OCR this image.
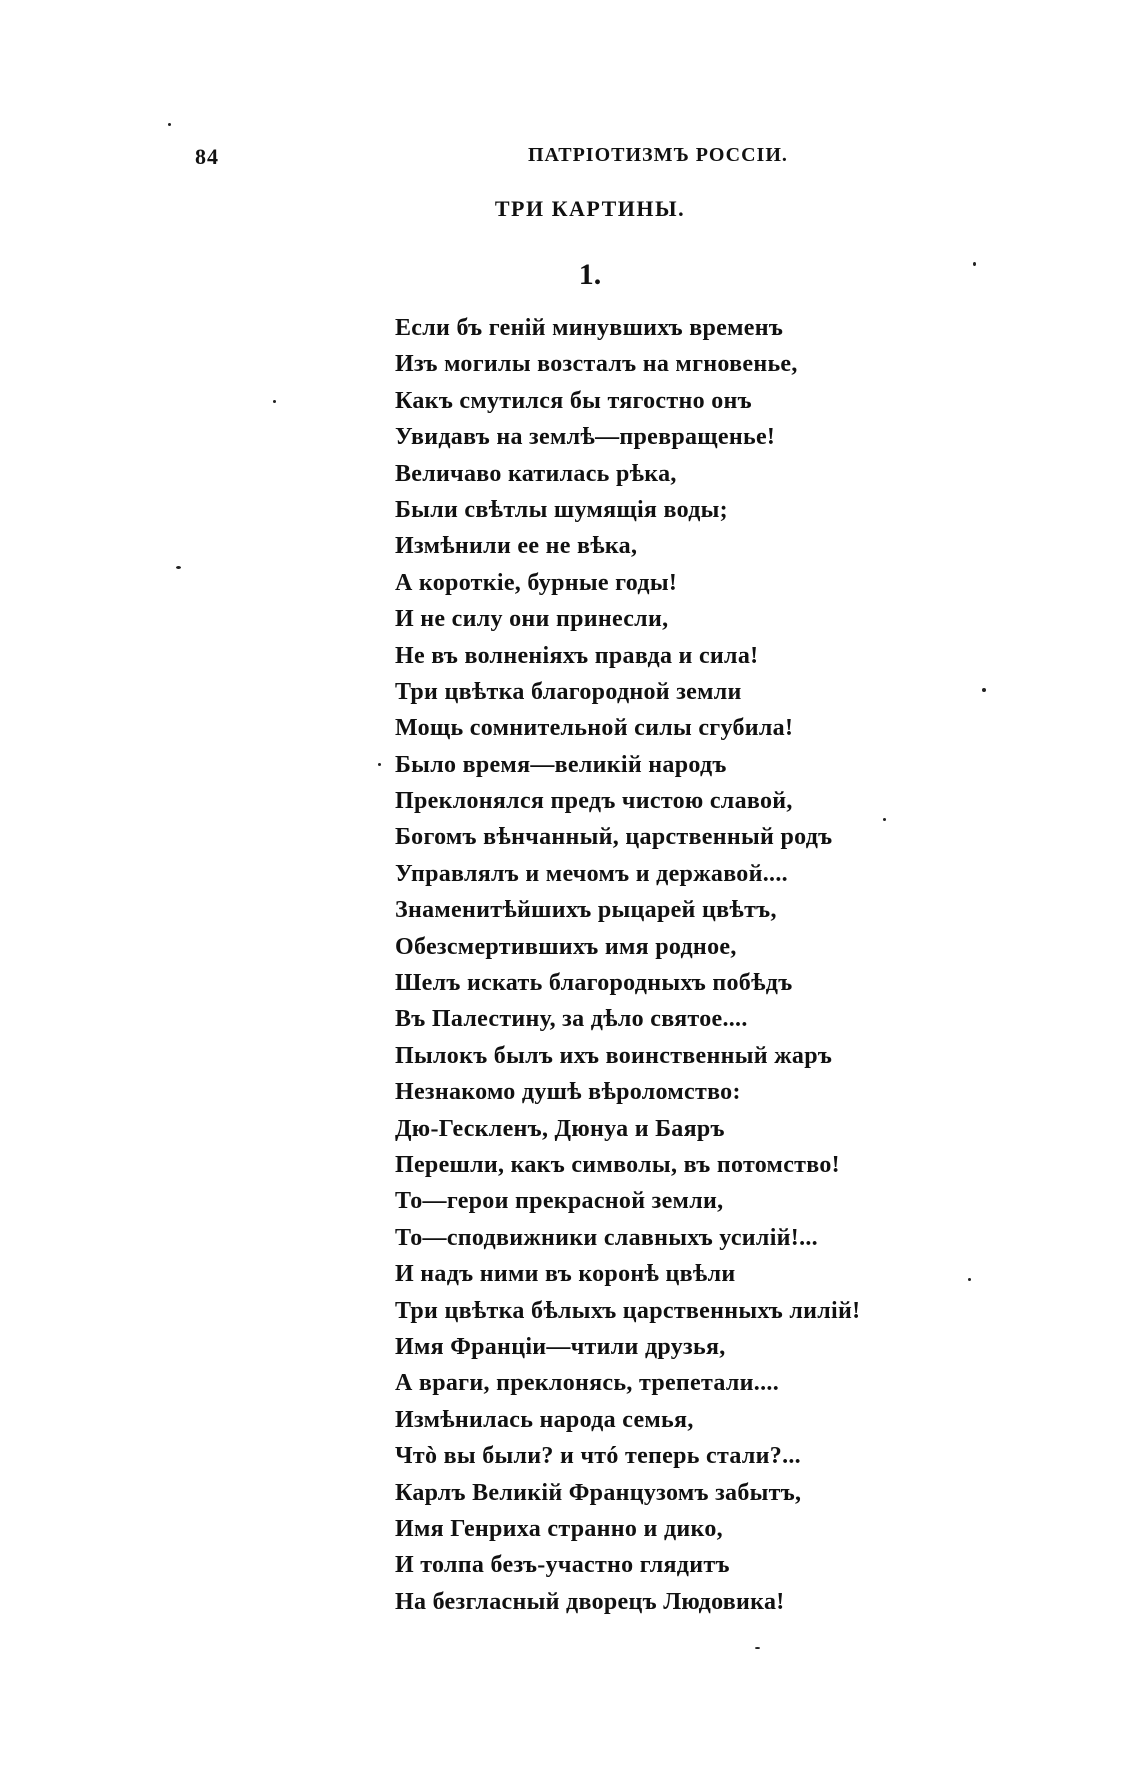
84	ПАТРІОТИЗМЪ РОССІИ.
ТРИ КАРТИНЫ.
1.
Если бъ геній минувшихъ временъ
Изъ могилы возсталъ на мгновенье,
Какъ смутился бы тягостно онъ
Увидавъ на землѣ—превращенье!
Величаво катилась рѣка,
Были свѣтлы шумящія воды;
Измѣнили ее не вѣка,
А короткіе, бурные годы!
И не силу они принесли,
Не въ волненіяхъ правда и сила!
Три цвѣтка благородной земли
Мощь сомнительной силы сгубила!
Было время—великій народъ
Преклонялся предъ чистою славой,
Богомъ вѣнчанный, царственный родъ
Управлялъ и мечомъ и державой....
Знаменитѣйшихъ рыцарей цвѣтъ,
Обезсмертившихъ имя родное,
Шелъ искать благородныхъ побѣдъ
Въ Палестину, за дѣло святое....
Пылокъ былъ ихъ воинственный жаръ
Незнакомо душѣ вѣроломство:
Дю-Гескленъ, Дюнуа и Баяръ
Перешли, какъ символы, въ потомство!
То—герои прекрасной земли,
То—сподвижники славныхъ усилій!...
И надъ ними въ коронѣ цвѣли
Три цвѣтка бѣлыхъ царственныхъ лилій!
Имя Франціи—чтили друзья,
А враги, преклонясь, трепетали....
Измѣнилась народа семья,
Чтò вы были? и чтó теперь стали?...
Карлъ Великій Французомъ забытъ,
Имя Генриха странно и дико,
И толпа безъ-участно глядитъ
На безгласный дворецъ Людовика!
